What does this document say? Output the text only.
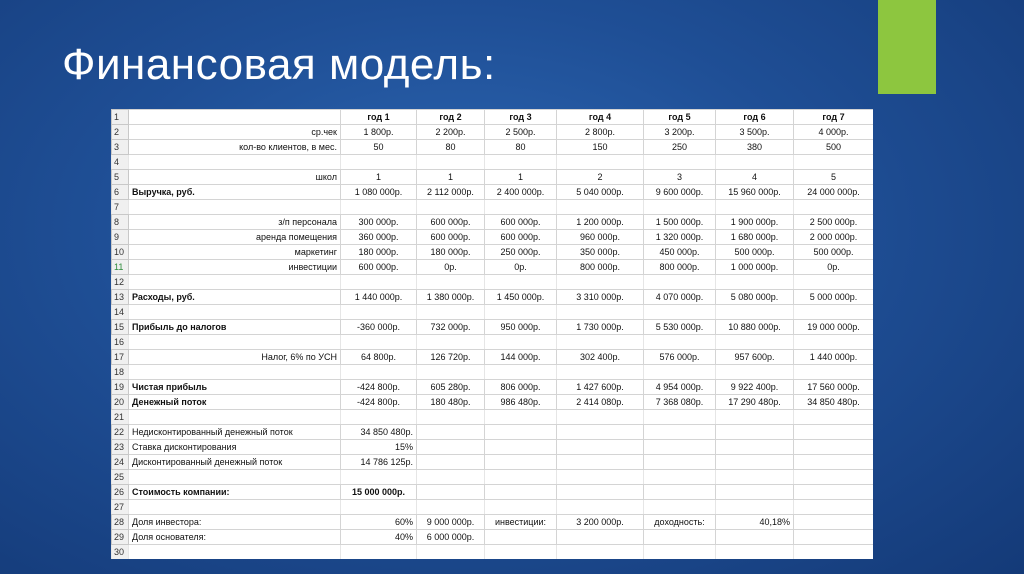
Финансовая модель:
1		год 1	год 2	год 3	год 4	год 5	год 6	год 7
2	ср.чек	1 800р.	2 200р.	2 500р.	2 800р.	3 200р.	3 500р.	4 000р.
3	кол-во клиентов, в мес.	50	80	80	150	250	380	500
4								
5	школ	1	1	1	2	3	4	5
6	Выручка, руб.	1 080 000р.	2 112 000р.	2 400 000р.	5 040 000р.	9 600 000р.	15 960 000р.	24 000 000р.
7								
8	з/п персонала	300 000р.	600 000р.	600 000р.	1 200 000р.	1 500 000р.	1 900 000р.	2 500 000р.
9	аренда помещения	360 000р.	600 000р.	600 000р.	960 000р.	1 320 000р.	1 680 000р.	2 000 000р.
10	маркетинг	180 000р.	180 000р.	250 000р.	350 000р.	450 000р.	500 000р.	500 000р.
11	инвестиции	600 000р.	0р.	0р.	800 000р.	800 000р.	1 000 000р.	0р.
12								
13	Расходы, руб.	1 440 000р.	1 380 000р.	1 450 000р.	3 310 000р.	4 070 000р.	5 080 000р.	5 000 000р.
14								
15	Прибыль до налогов	-360 000р.	732 000р.	950 000р.	1 730 000р.	5 530 000р.	10 880 000р.	19 000 000р.
16								
17	Налог, 6% по УСН	64 800р.	126 720р.	144 000р.	302 400р.	576 000р.	957 600р.	1 440 000р.
18								
19	Чистая прибыль	-424 800р.	605 280р.	806 000р.	1 427 600р.	4 954 000р.	9 922 400р.	17 560 000р.
20	Денежный поток	-424 800р.	180 480р.	986 480р.	2 414 080р.	7 368 080р.	17 290 480р.	34 850 480р.
21								
22	Недисконтированный денежный поток	34 850 480р.						
23	Ставка дисконтирования	15%						
24	Дисконтированный денежный поток	14 786 125р.						
25								
26	Стоимость компании:	15 000 000р.						
27								
28	Доля инвестора:	60%	9 000 000р.	инвестиции:	3 200 000р.	доходность:	40,18%	
29	Доля основателя:	40%	6 000 000р.					
30								
